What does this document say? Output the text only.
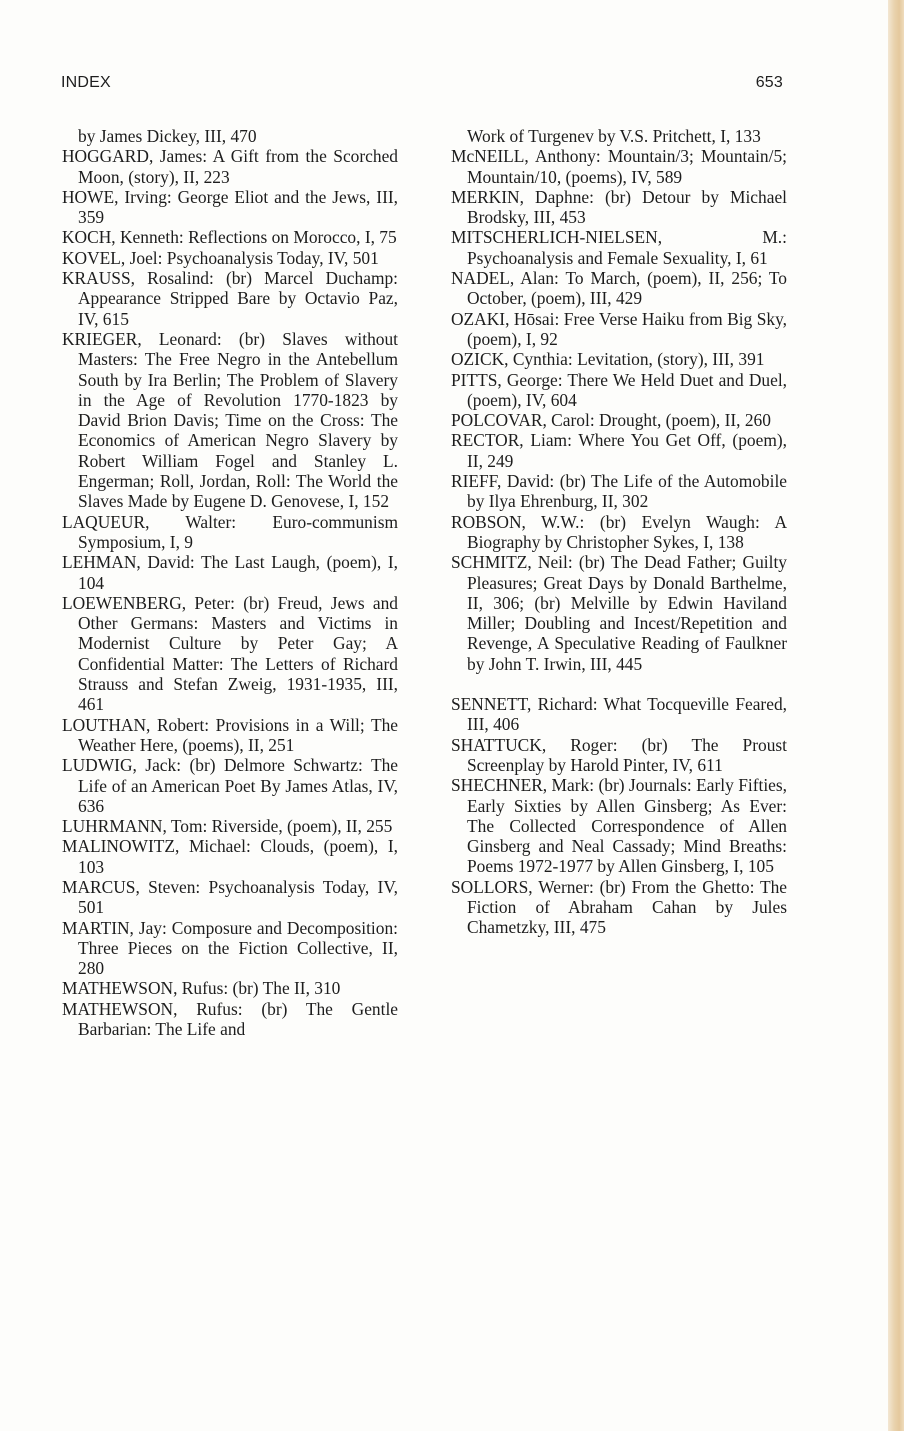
INDEX	653

by James Dickey, III, 470

HOGGARD, James: A Gift from the Scorched Moon, (story), II, 223

HOWE, Irving: George Eliot and the Jews, III, 359

KOCH, Kenneth: Reflections on Morocco, I, 75

KOVEL, Joel: Psychoanalysis Today, IV, 501

KRAUSS, Rosalind: (br) Marcel Duchamp: Appearance Stripped Bare by Octavio Paz, IV, 615

KRIEGER, Leonard: (br) Slaves without Masters: The Free Negro in the Antebellum South by Ira Berlin; The Problem of Slavery in the Age of Revolution 1770-1823 by David Brion Davis; Time on the Cross: The Economics of American Negro Slavery by Robert William Fogel and Stanley L. Engerman; Roll, Jordan, Roll: The World the Slaves Made by Eugene D. Genovese, I, 152

LAQUEUR, Walter: Euro-communism Symposium, I, 9

LEHMAN, David: The Last Laugh, (poem), I, 104

LOEWENBERG, Peter: (br) Freud, Jews and Other Germans: Masters and Victims in Modernist Culture by Peter Gay; A Confidential Matter: The Letters of Richard Strauss and Stefan Zweig, 1931-1935, III, 461

LOUTHAN, Robert: Provisions in a Will; The Weather Here, (poems), II, 251

LUDWIG, Jack: (br) Delmore Schwartz: The Life of an American Poet By James Atlas, IV, 636

LUHRMANN, Tom: Riverside, (poem), II, 255

MALINOWITZ, Michael: Clouds, (poem), I, 103

MARCUS, Steven: Psychoanalysis Today, IV, 501

MARTIN, Jay: Composure and Decomposition: Three Pieces on the Fiction Collective, II, 280

MATHEWSON, Rufus: (br) The II, 310

MATHEWSON, Rufus: (br) The Gentle Barbarian: The Life and

Work of Turgenev by V.S. Pritchett, I, 133

McNEILL, Anthony: Mountain/3; Mountain/5; Mountain/10, (poems), IV, 589

MERKIN, Daphne: (br) Detour by Michael Brodsky, III, 453

MITSCHERLICH-NIELSEN, M.: Psychoanalysis and Female Sexuality, I, 61

NADEL, Alan: To March, (poem), II, 256; To October, (poem), III, 429

OZAKI, Hōsai: Free Verse Haiku from Big Sky, (poem), I, 92

OZICK, Cynthia: Levitation, (story), III, 391

PITTS, George: There We Held Duet and Duel, (poem), IV, 604

POLCOVAR, Carol: Drought, (poem), II, 260

RECTOR, Liam: Where You Get Off, (poem), II, 249

RIEFF, David: (br) The Life of the Automobile by Ilya Ehrenburg, II, 302

ROBSON, W.W.: (br) Evelyn Waugh: A Biography by Christopher Sykes, I, 138

SCHMITZ, Neil: (br) The Dead Father; Guilty Pleasures; Great Days by Donald Barthelme, II, 306; (br) Melville by Edwin Haviland Miller; Doubling and Incest/Repetition and Revenge, A Speculative Reading of Faulkner by John T. Irwin, III, 445

SENNETT, Richard: What Tocqueville Feared, III, 406

SHATTUCK, Roger: (br) The Proust Screenplay by Harold Pinter, IV, 611

SHECHNER, Mark: (br) Journals: Early Fifties, Early Sixties by Allen Ginsberg; As Ever: The Collected Correspondence of Allen Ginsberg and Neal Cassady; Mind Breaths: Poems 1972-1977 by Allen Ginsberg, I, 105

SOLLORS, Werner: (br) From the Ghetto: The Fiction of Abraham Cahan by Jules Chametzky, III, 475
